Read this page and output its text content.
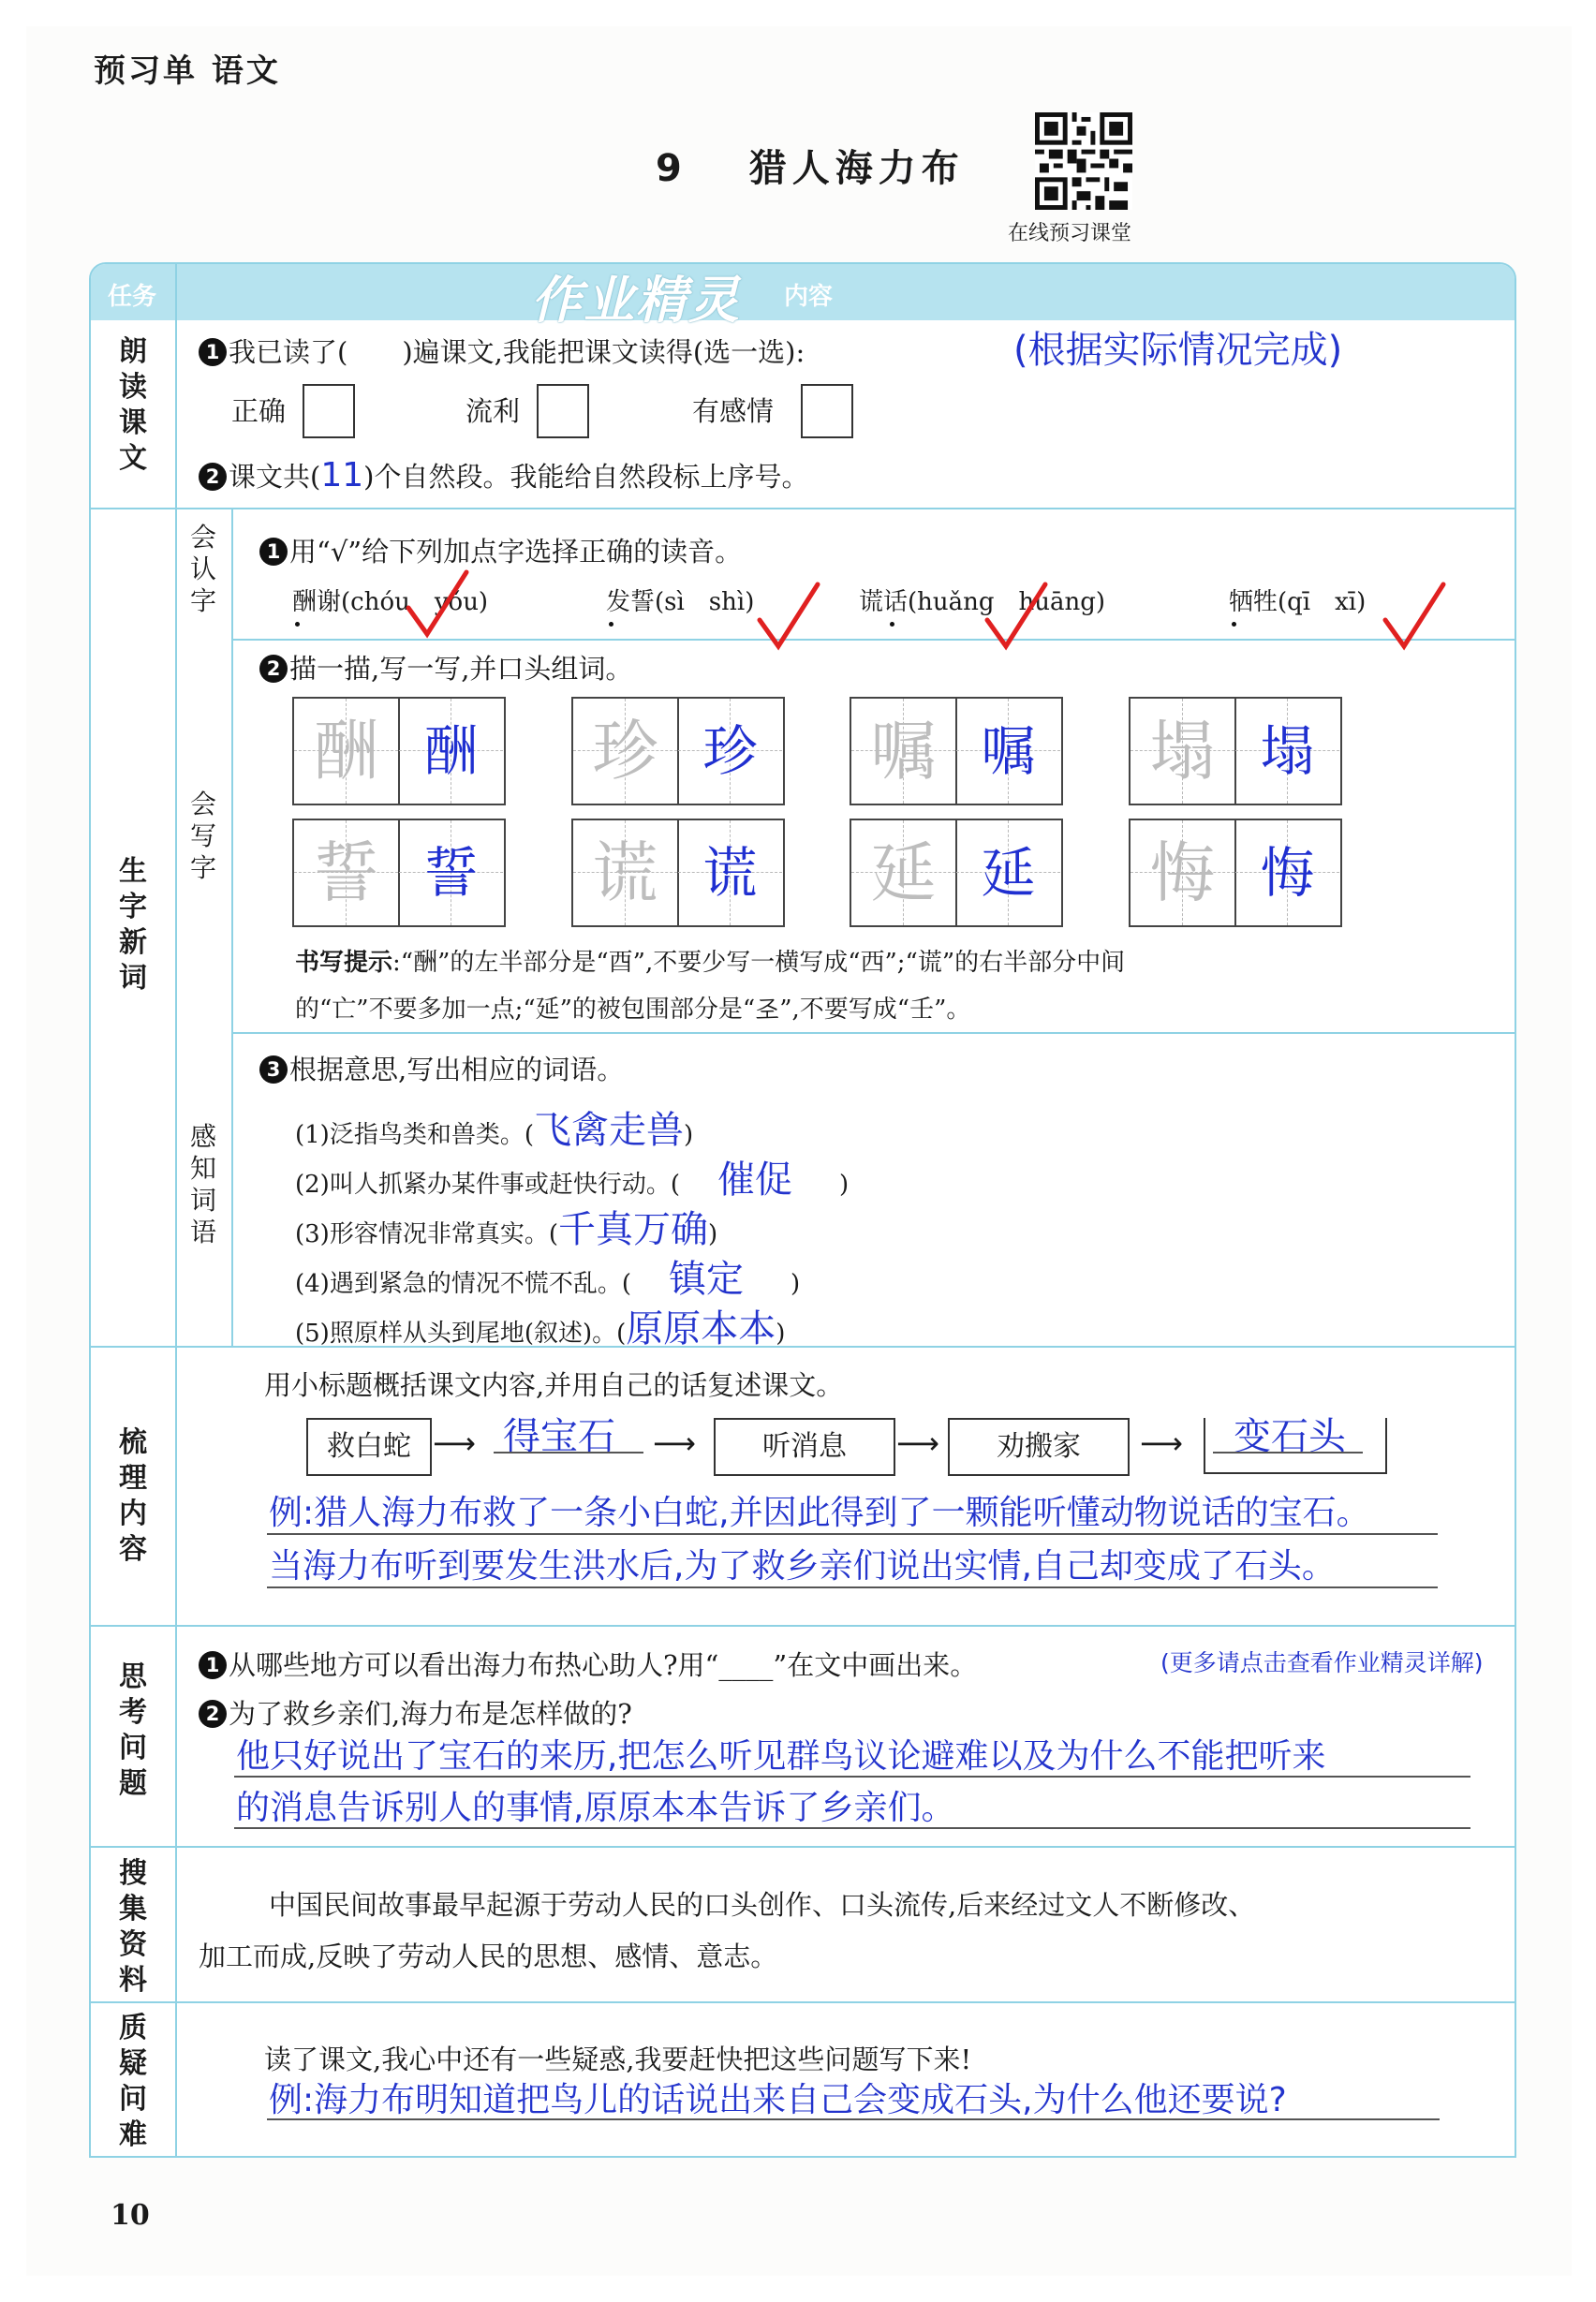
预习单 语文
9　 猎人海力布
在线预习课堂
任务	作业精灵 内容
朗读课文
1 我已读了(　　)遍课文,我能把课文读得(选一选):	(根据实际情况完成)
正确	流利	有感情
2 课文共(11)个自然段。我能给自然段标上序号。
生字新词
会认字
1 用“√”给下列加点字选择正确的读音。
酬谢(chóu　yǒu)	发誓(sì　shì)	谎话(huǎng　huāng)	牺牲(qī　xī)
会写字
2 描一描,写一写,并口头组词。
酬 酬	珍 珍	嘱 嘱	塌 塌
誓 誓	谎 谎	延 延	悔 悔
书写提示:“酬”的左半部分是“酉”,不要少写一横写成“西”;“谎”的右半部分中间
的“亡”不要多加一点;“延”的被包围部分是“𢀖”,不要写成“壬”。
感知词语
3 根据意思,写出相应的词语。
(1)泛指鸟类和兽类。(飞禽走兽)
(2)叫人抓紧办某件事或赶快行动。( 催促 )
(3)形容情况非常真实。(千真万确)
(4)遇到紧急的情况不慌不乱。( 镇定 )
(5)照原样从头到尾地(叙述)。(原原本本)
梳理内容
用小标题概括课文内容,并用自己的话复述课文。
救白蛇 ⟶ 得宝石 ⟶	听消息	⟶	劝搬家	⟶ 变石头
例:猎人海力布救了一条小白蛇,并因此得到了一颗能听懂动物说话的宝石。
当海力布听到要发生洪水后,为了救乡亲们说出实情,自己却变成了石头。
思考问题
1 从哪些地方可以看出海力布热心助人?用“____”在文中画出来。	(更多请点击查看作业精灵详解)
2 为了救乡亲们,海力布是怎样做的?
他只好说出了宝石的来历,把怎么听见群鸟议论避难以及为什么不能把听来
的消息告诉别人的事情,原原本本告诉了乡亲们。
搜集资料
中国民间故事最早起源于劳动人民的口头创作、口头流传,后来经过文人不断修改、
加工而成,反映了劳动人民的思想、感情、意志。
质疑问难
读了课文,我心中还有一些疑惑,我要赶快把这些问题写下来!
例:海力布明知道把鸟儿的话说出来自己会变成石头,为什么他还要说?
10
